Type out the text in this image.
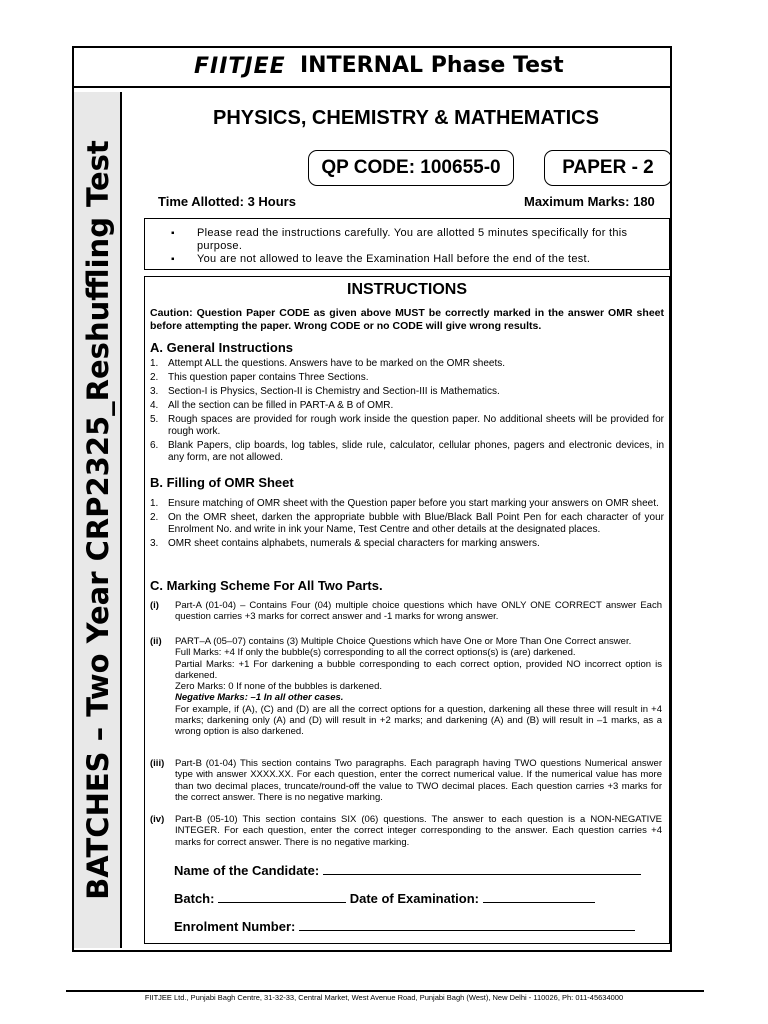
FIITJEE INTERNAL Phase Test
BATCHES – Two Year CRP2325_Reshuffling Test
PHYSICS, CHEMISTRY & MATHEMATICS
QP CODE: 100655-0	PAPER - 2
Time Allotted: 3 Hours	Maximum Marks: 180
▪ Please read the instructions carefully. You are allotted 5 minutes specifically for this purpose.
▪ You are not allowed to leave the Examination Hall before the end of the test.
INSTRUCTIONS
Caution: Question Paper CODE as given above MUST be correctly marked in the answer OMR sheet before attempting the paper. Wrong CODE or no CODE will give wrong results.
A. General Instructions
1. Attempt ALL the questions. Answers have to be marked on the OMR sheets.
2. This question paper contains Three Sections.
3. Section-I is Physics, Section-II is Chemistry and Section-III is Mathematics.
4. All the section can be filled in PART-A & B of OMR.
5. Rough spaces are provided for rough work inside the question paper. No additional sheets will be provided for rough work.
6. Blank Papers, clip boards, log tables, slide rule, calculator, cellular phones, pagers and electronic devices, in any form, are not allowed.
B. Filling of OMR Sheet
1. Ensure matching of OMR sheet with the Question paper before you start marking your answers on OMR sheet.
2. On the OMR sheet, darken the appropriate bubble with Blue/Black Ball Point Pen for each character of your Enrolment No. and write in ink your Name, Test Centre and other details at the designated places.
3. OMR sheet contains alphabets, numerals & special characters for marking answers.
C. Marking Scheme For All Two Parts.
(i) Part-A (01-04) – Contains Four (04) multiple choice questions which have ONLY ONE CORRECT answer Each question carries +3 marks for correct answer and -1 marks for wrong answer.
(ii) PART–A (05–07) contains (3) Multiple Choice Questions which have One or More Than One Correct answer.
Full Marks: +4 If only the bubble(s) corresponding to all the correct options(s) is (are) darkened.
Partial Marks: +1 For darkening a bubble corresponding to each correct option, provided NO incorrect option is darkened.
Zero Marks: 0 If none of the bubbles is darkened.
Negative Marks: –1 In all other cases.
For example, if (A), (C) and (D) are all the correct options for a question, darkening all these three will result in +4 marks; darkening only (A) and (D) will result in +2 marks; and darkening (A) and (B) will result in –1 marks, as a wrong option is also darkened.
(iii) Part-B (01-04) This section contains Two paragraphs. Each paragraph having TWO questions Numerical answer type with answer XXXX.XX. For each question, enter the correct numerical value. If the numerical value has more than two decimal places, truncate/round-off the value to TWO decimal places. Each question carries +3 marks for the correct answer. There is no negative marking.
(iv) Part-B (05-10) This section contains SIX (06) questions. The answer to each question is a NON-NEGATIVE INTEGER. For each question, enter the correct integer corresponding to the answer. Each question carries +4 marks for correct answer. There is no negative marking.
Name of the Candidate:
Batch:	Date of Examination:
Enrolment Number:
FIITJEE Ltd., Punjabi Bagh Centre, 31-32-33, Central Market, West Avenue Road, Punjabi Bagh (West), New Delhi - 110026, Ph: 011-45634000
